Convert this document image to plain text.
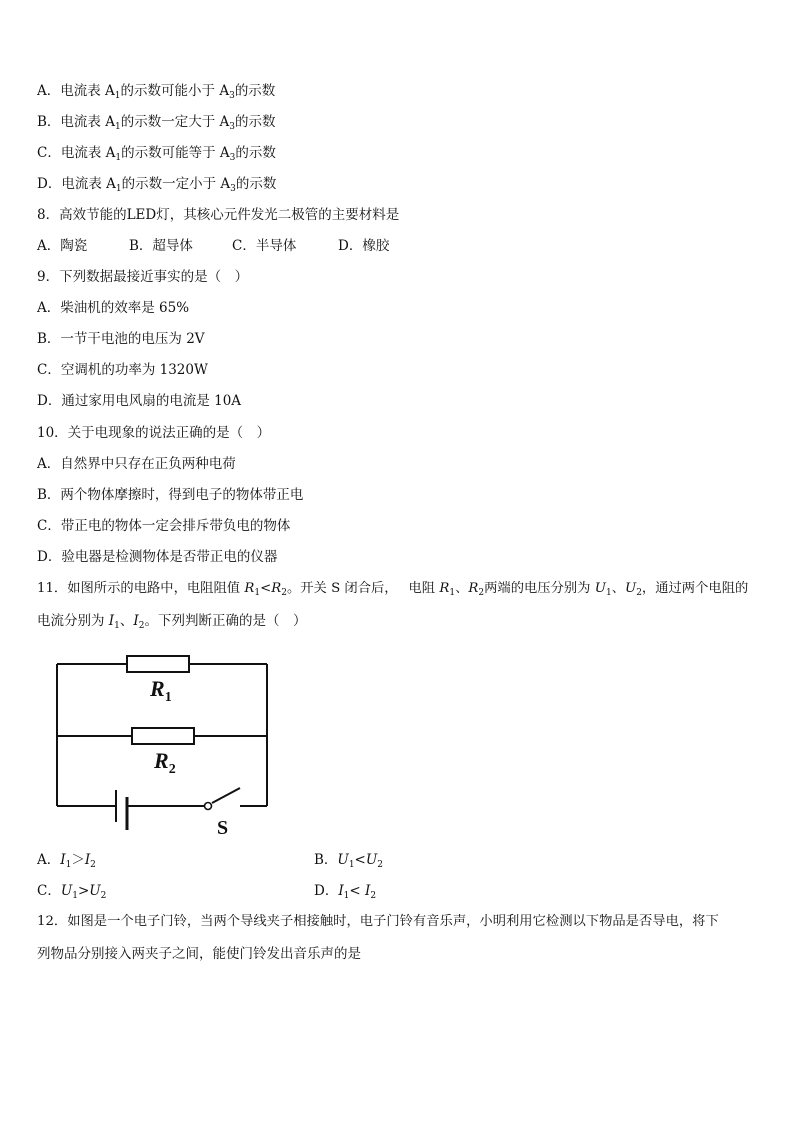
A．电流表 $A_1$的示数可能小于 $A_3$的示数
B．电流表 $A_1$的示数一定大于 $A_3$的示数
C．电流表 $A_1$的示数可能等于 $A_3$的示数
D．电流表 $A_1$的示数一定小于 $A_3$的示数
8．高效节能的LED灯，其核心元件发光二极管的主要材料是
A．陶瓷	B．超导体	C．半导体	D．橡胶
9．下列数据最接近事实的是（　）
A．柴油机的效率是 65%
B．一节干电池的电压为 2V
C．空调机的功率为 1320W
D．通过家用电风扇的电流是 10A
10．关于电现象的说法正确的是（　）
A．自然界中只存在正负两种电荷
B．两个物体摩擦时，得到电子的物体带正电
C．带正电的物体一定会排斥带负电的物体
D．验电器是检测物体是否带正电的仪器
11．如图所示的电路中，电阻阻值 $R_1<R_2$。开关 S 闭合后，　 电阻 $R_1$、$R_2$两端的电压分别为 $U_1$、$U_2$，通过两个电阻的
电流分别为 $I_1$、$I_2$。下列判断正确的是（　）
$R_1$
$R_2$
S
A．$I_1>I_2$	B．$U_1<U_2$
C．$U_1>U_2$	D．$I_1< I_2$
12．如图是一个电子门铃，当两个导线夹子相接触时，电子门铃有音乐声，小明利用它检测以下物品是否导电，将下
列物品分别接入两夹子之间，能使门铃发出音乐声的是
